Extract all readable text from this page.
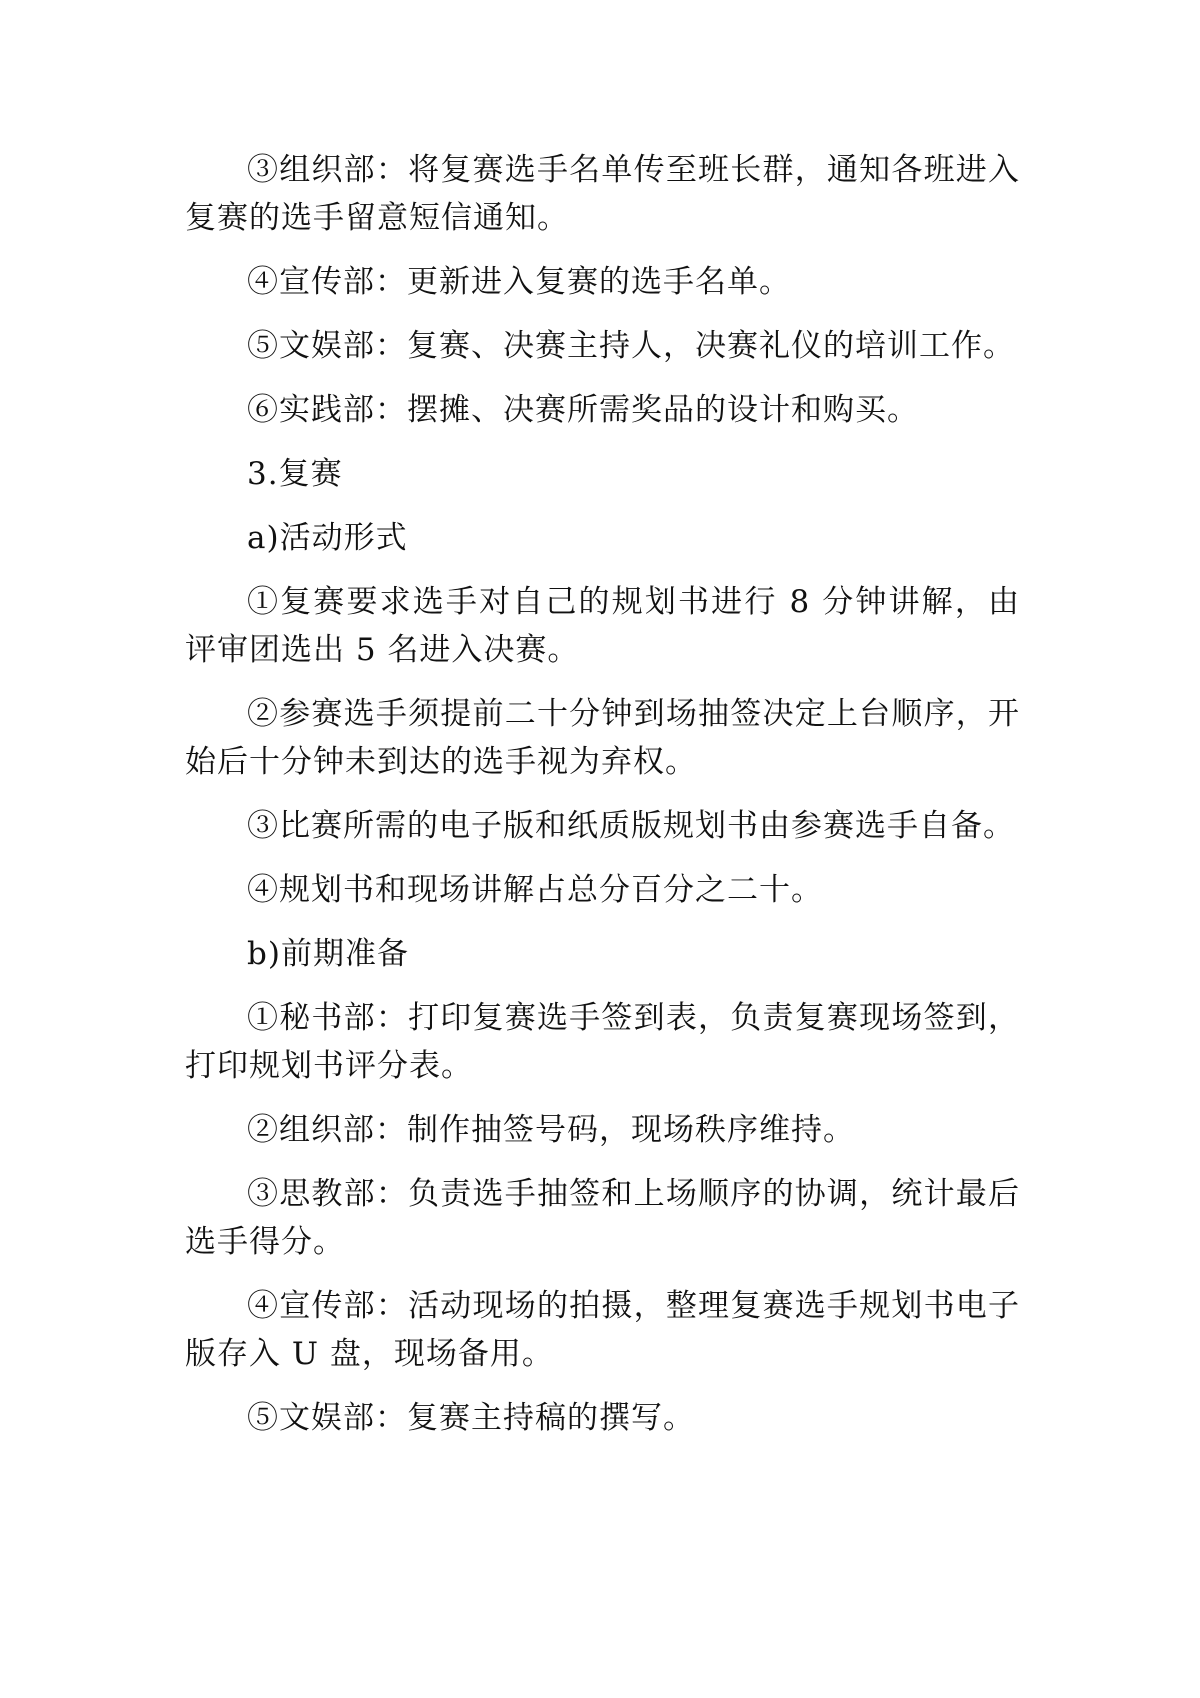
③组织部：将复赛选手名单传至班长群，通知各班进入复赛的选手留意短信通知。

④宣传部：更新进入复赛的选手名单。

⑤文娱部：复赛、决赛主持人，决赛礼仪的培训工作。

⑥实践部：摆摊、决赛所需奖品的设计和购买。

3.复赛

a)活动形式

①复赛要求选手对自己的规划书进行 8 分钟讲解，由评审团选出 5 名进入决赛。

②参赛选手须提前二十分钟到场抽签决定上台顺序，开始后十分钟未到达的选手视为弃权。

③比赛所需的电子版和纸质版规划书由参赛选手自备。

④规划书和现场讲解占总分百分之二十。

b)前期准备

①秘书部：打印复赛选手签到表，负责复赛现场签到，打印规划书评分表。

②组织部：制作抽签号码，现场秩序维持。

③思教部：负责选手抽签和上场顺序的协调，统计最后选手得分。

④宣传部：活动现场的拍摄，整理复赛选手规划书电子版存入 U 盘，现场备用。

⑤文娱部：复赛主持稿的撰写。
